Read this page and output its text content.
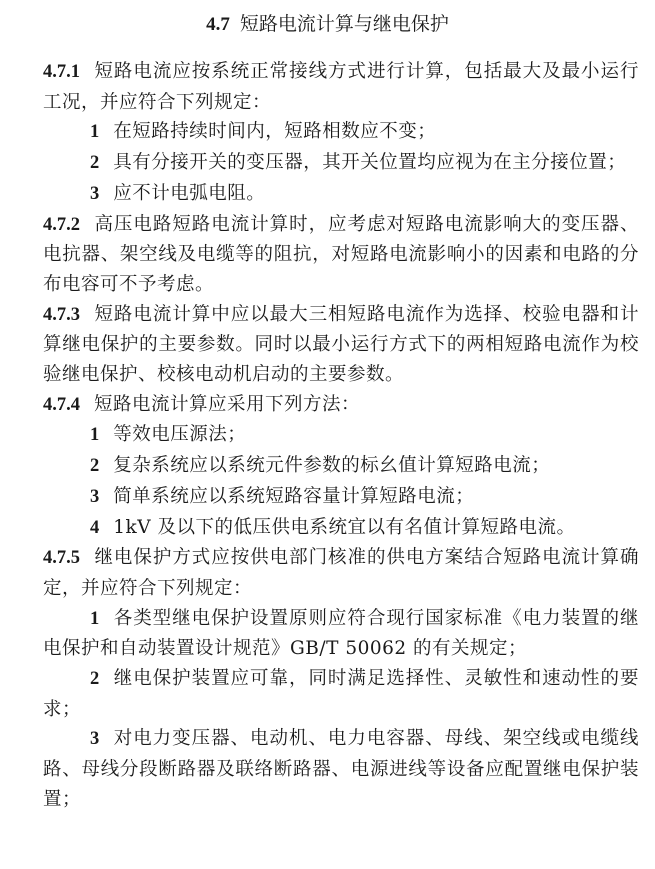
4.7 短路电流计算与继电保护

4.7.1 短路电流应按系统正常接线方式进行计算，包括最大及最小运行工况，并应符合下列规定：

1 在短路持续时间内，短路相数应不变；

2 具有分接开关的变压器，其开关位置均应视为在主分接位置；

3 应不计电弧电阻。

4.7.2 高压电路短路电流计算时，应考虑对短路电流影响大的变压器、电抗器、架空线及电缆等的阻抗，对短路电流影响小的因素和电路的分布电容可不予考虑。

4.7.3 短路电流计算中应以最大三相短路电流作为选择、校验电器和计算继电保护的主要参数。同时以最小运行方式下的两相短路电流作为校验继电保护、校核电动机启动的主要参数。

4.7.4 短路电流计算应采用下列方法：

1 等效电压源法；

2 复杂系统应以系统元件参数的标幺值计算短路电流；

3 简单系统应以系统短路容量计算短路电流；

4 1kV 及以下的低压供电系统宜以有名值计算短路电流。

4.7.5 继电保护方式应按供电部门核准的供电方案结合短路电流计算确定，并应符合下列规定：

1 各类型继电保护设置原则应符合现行国家标准《电力装置的继电保护和自动装置设计规范》GB/T 50062 的有关规定；

2 继电保护装置应可靠，同时满足选择性、灵敏性和速动性的要求；

3 对电力变压器、电动机、电力电容器、母线、架空线或电缆线路、母线分段断路器及联络断路器、电源进线等设备应配置继电保护装置；
